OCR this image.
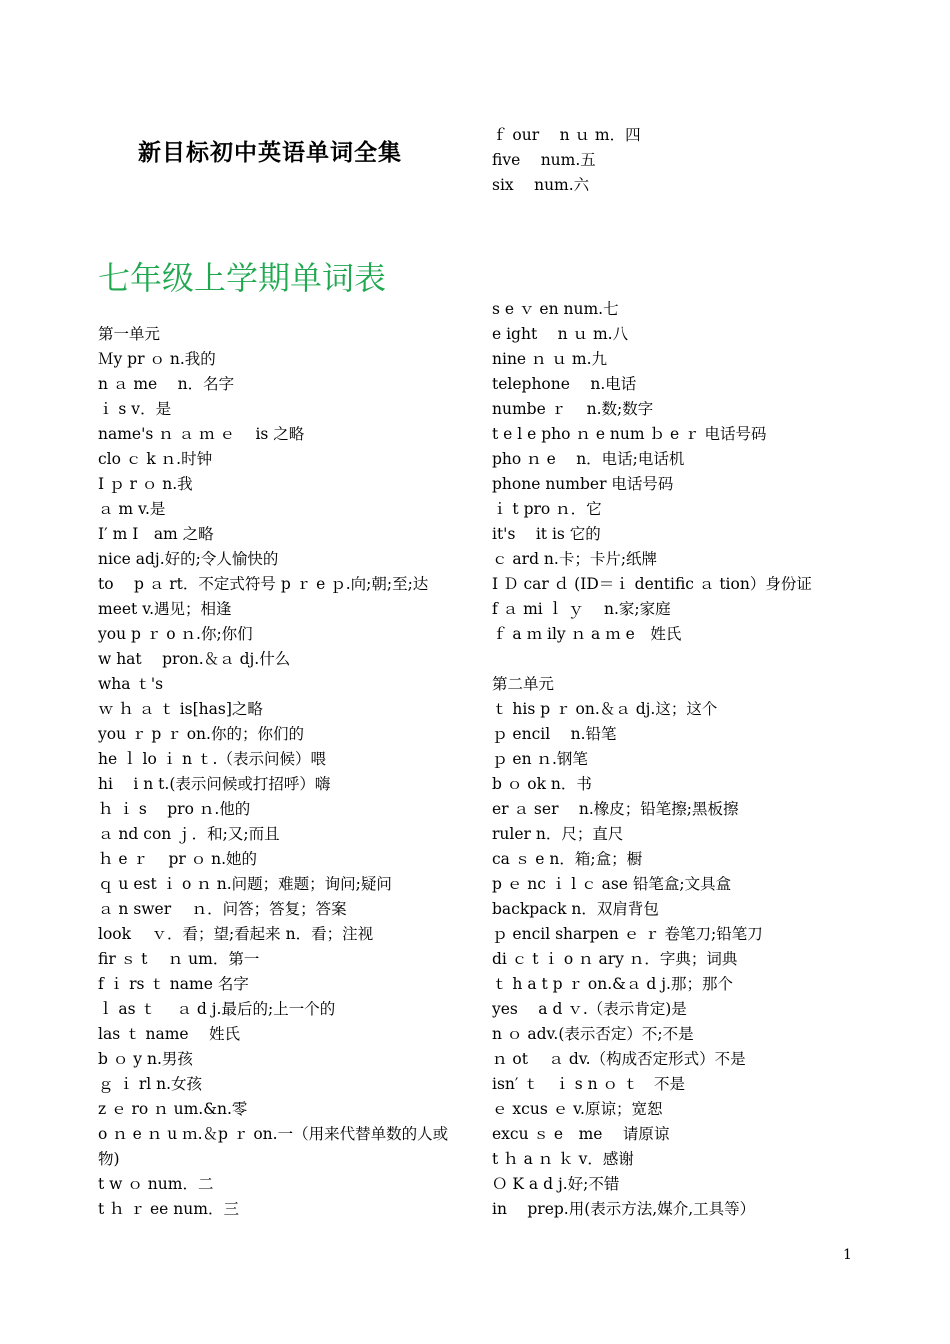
新目标初中英语单词全集
七年级上学期单词表
第一单元
Ｍy pr ｏ n.我的
n ａ me　 n．名字
ｉ s v．是
name's ｎ ａ ｍ ｅ　 is 之略
clo ｃ k ｎ.时钟
I ｐ r ｏ n.我
ａ m v.是
I′ m I　am 之略
nice adj.好的;令人愉快的
to　 p ａ rt．不定式符号 p ｒ e ｐ.向;朝;至;达
meet v.遇见；相逢
you p ｒ o ｎ.你;你们
w hat　 pron.＆ａ dj.什么
wha ｔ's
ｗ ｈ ａ ｔ is[has]之略
you ｒ p ｒ on.你的；你们的
he ｌ lo ｉ n ｔ.（表示问候）喂
hi　 i n t.(表示问候或打招呼）嗨
ｈ ｉ s　 pro ｎ.他的
ａ nd con ｊ．和;又;而且
ｈ e ｒ　 pr ｏ n.她的
ｑ u est ｉ o ｎ n.问题；难题；询问;疑问
ａ n swer　 ｎ．问答；答复；答案
look　 ｖ．看；望;看起来 n．看；注视
fir ｓ t　 ｎ um．第一
f ｉ rs ｔ name 名字
ｌ as ｔ　 ａ d j.最后的;上一个的
las ｔ name　 姓氏
b ｏ y n.男孩
ｇ ｉ rl n.女孩
z ｅ ro ｎ um.&n.零
o ｎ e ｎ u ｍ.＆p ｒ on.一（用来代替单数的人或物)
t w ｏ num．二
t ｈ ｒ ee num．三
ｆ our　 n ｕ m．四
five　 num.五
six　 num.六
s e ｖ en num.七
e ight　 n ｕ m.八
nine ｎ ｕ m.九
telephone　 n.电话
numbe ｒ　 n.数;数字
t e l e pho ｎ e num ｂ e ｒ 电话号码
pho ｎ e　 n．电话;电话机
phone number 电话号码
ｉ t pro ｎ．它
it's　 it is 它的
ｃ ard n.卡；卡片;纸牌
I Ｄ car ｄ (ID＝ｉ dentific ａ tion）身份证
f ａ mi ｌ ｙ　 n.家;家庭
ｆ a ｍ ily ｎ a ｍ e　姓氏
第二单元
ｔ his p ｒ on.＆ａ dj.这；这个
ｐ encil　 n.铅笔
ｐ en ｎ.钢笔
b ｏ ok n．书
er ａ ser　 n.橡皮；铅笔擦;黑板擦
ruler n．尺；直尺
ca ｓ e n．箱;盒；橱
p ｅ nc ｉ l ｃ ase 铅笔盒;文具盒
backpack n．双肩背包
ｐ encil sharpen ｅ ｒ 卷笔刀;铅笔刀
di ｃ t ｉ o ｎ ary ｎ．字典；词典
ｔ h a t p ｒ on.&ａ d j.那；那个
yes　 a d ｖ.（表示肯定)是
n ｏ adv.(表示否定）不;不是
ｎ ot　 ａ dv.（构成否定形式）不是
isn′ ｔ　ｉ s n ｏ ｔ　不是
ｅ xcus ｅ v.原谅；宽恕
excu ｓ e　me　 请原谅
t ｈ a ｎ ｋ v．感谢
Ｏ K a d j.好;不错
in　 prep.用(表示方法,媒介,工具等）
1
